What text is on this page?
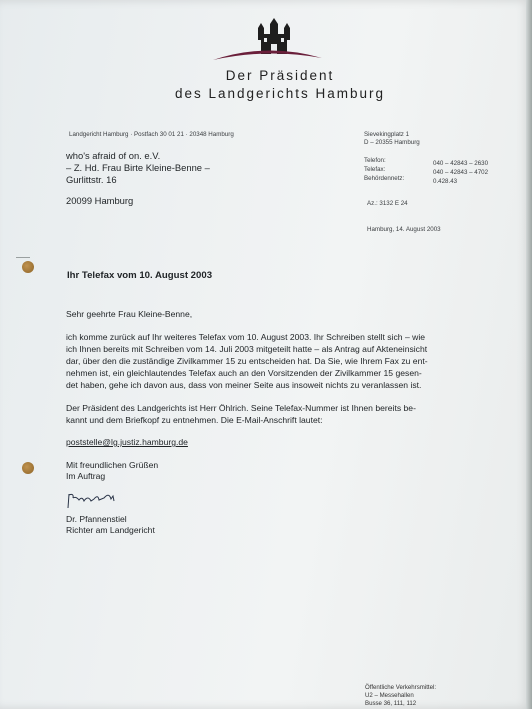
Der Präsident
des Landgerichts Hamburg
Landgericht Hamburg · Postfach 30 01 21 · 20348 Hamburg
who's afraid of on. e.V.
– Z. Hd. Frau Birte Kleine-Benne –
Gurlittstr. 16
20099 Hamburg
Sievekingplatz 1
D – 20355 Hamburg
Telefon:	040 – 42843 – 2630
Telefax:	040 – 42843 – 4702
Behördennetz:	0.428.43
Az.: 3132 E 24
Hamburg, 14. August 2003
Ihr Telefax vom 10. August 2003
Sehr geehrte Frau Kleine-Benne,
ich komme zurück auf Ihr weiteres Telefax vom 10. August 2003. Ihr Schreiben stellt sich – wie
ich Ihnen bereits mit Schreiben vom 14. Juli 2003 mitgeteilt hatte – als Antrag auf Akteneinsicht
dar, über den die zuständige Zivilkammer 15 zu entscheiden hat. Da Sie, wie Ihrem Fax zu ent-
nehmen ist, ein gleichlautendes Telefax auch an den Vorsitzenden der Zivilkammer 15 gesen-
det haben, gehe ich davon aus, dass von meiner Seite aus insoweit nichts zu veranlassen ist.
Der Präsident des Landgerichts ist Herr Öhlrich. Seine Telefax-Nummer ist Ihnen bereits be-
kannt und dem Briefkopf zu entnehmen. Die E-Mail-Anschrift lautet:
poststelle@lg.justiz.hamburg.de
Mit freundlichen Grüßen
Im Auftrag
Dr. Pfannenstiel
Richter am Landgericht
Öffentliche Verkehrsmittel:
U2 – Messehallen
Busse 36, 111, 112
